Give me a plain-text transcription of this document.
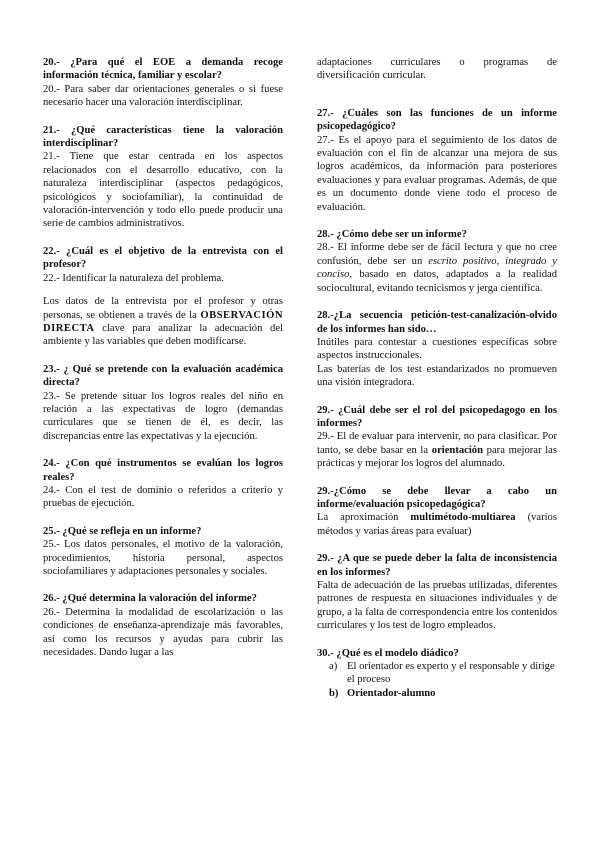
20.- ¿Para qué el EOE a demanda recoge información técnica, familiar y escolar?
20.- Para saber dar orientaciones generales o si fuese necesario hacer una valoración interdisciplinar.
21.- ¿Qué características tiene la valoración interdisciplinar?
21.- Tiene que estar centrada en los aspectos relacionados con el desarrollo educativo, con la naturaleza interdisciplinar (aspectos pedagógicos, psicológicos y sociofamiliar), la continuidad de valoración-intervención y todo ello puede producir una serie de cambios administrativos.
22.- ¿Cuál es el objetivo de la entrevista con el profesor?
22.- Identificar la naturaleza del problema.
Los datos de la entrevista por el profesor y otras personas, se obtienen a través de la OBSERVACIÓN DIRECTA clave para analizar la adecuación del ambiente y las variables que deben modificarse.
23.- ¿ Qué se pretende con la evaluación académica directa?
23.- Se pretende situar los logros reales del niño en relación a las expectativas de logro (demandas curriculares que se tienen de él, es decir, las discrepancias entre las expectativas y la ejecución.
24.- ¿Con qué instrumentos se evalúan los logros reales?
24.- Con el test de dominio o referidos a criterio y pruebas de ejecución.
25.- ¿Qué se refleja en un informe?
25.- Los datos personales, el motivo de la valoración, procedimientos, historia personal, aspectos sociofamiliares y adaptaciones personales y sociales.
26.- ¿Qué determina la valoración del informe?
26.- Determina la modalidad de escolarización o las condiciones de enseñanza-aprendizaje más favorables, así como los recursos y ayudas para cubrir las necesidades. Dando lugar a las
adaptaciones curriculares o programas de diversificación curricular.
27.- ¿Cuáles son las funciones de un informe psicopedagógico?
27.- Es el apoyo para el seguimiento de los datos de evaluación con el fin de alcanzar una mejora de sus logros académicos, da información para posteriores evaluaciones y para evaluar programas. Además, de que es un documento donde viene todo el proceso de evaluación.
28.- ¿Cómo debe ser un informe?
28.- El informe debe ser de fácil lectura y que no cree confusión, debe ser un escrito positivo, integrado y conciso, basado en datos, adaptados a la realidad sociocultural, evitando tecnicismos y jerga científica.
28.-¿La secuencia petición-test-canalización-olvido de los informes han sido…
Inútiles para contestar a cuestiones específicas sobre aspectos instruccionales.
Las baterías de los test estandarizados no promueven una visión integradora.
29.- ¿Cuál debe ser el rol del psicopedagogo en los informes?
29.- El de evaluar para intervenir, no para clasificar. Por tanto, se debe basar en la orientación para mejorar las prácticas y mejorar los logros del alumnado.
29.-¿Cómo se debe llevar a cabo un informe/evaluación psicopedagógica?
La aproximación multimétodo-multiarea (varios métodos y varias áreas para evaluar)
29.- ¿A que se puede deber la falta de inconsistencia en los informes?
Falta de adecuación de las pruebas utilizadas, diferentes patrones de respuesta en situaciones individuales y de grupo, a la falta de correspondencia entre los contenidos curriculares y los test de logro empleados.
30.- ¿Qué es el modelo diádico?
a) El orientador es experto y el responsable y dirige el proceso
b) Orientador-alumno
